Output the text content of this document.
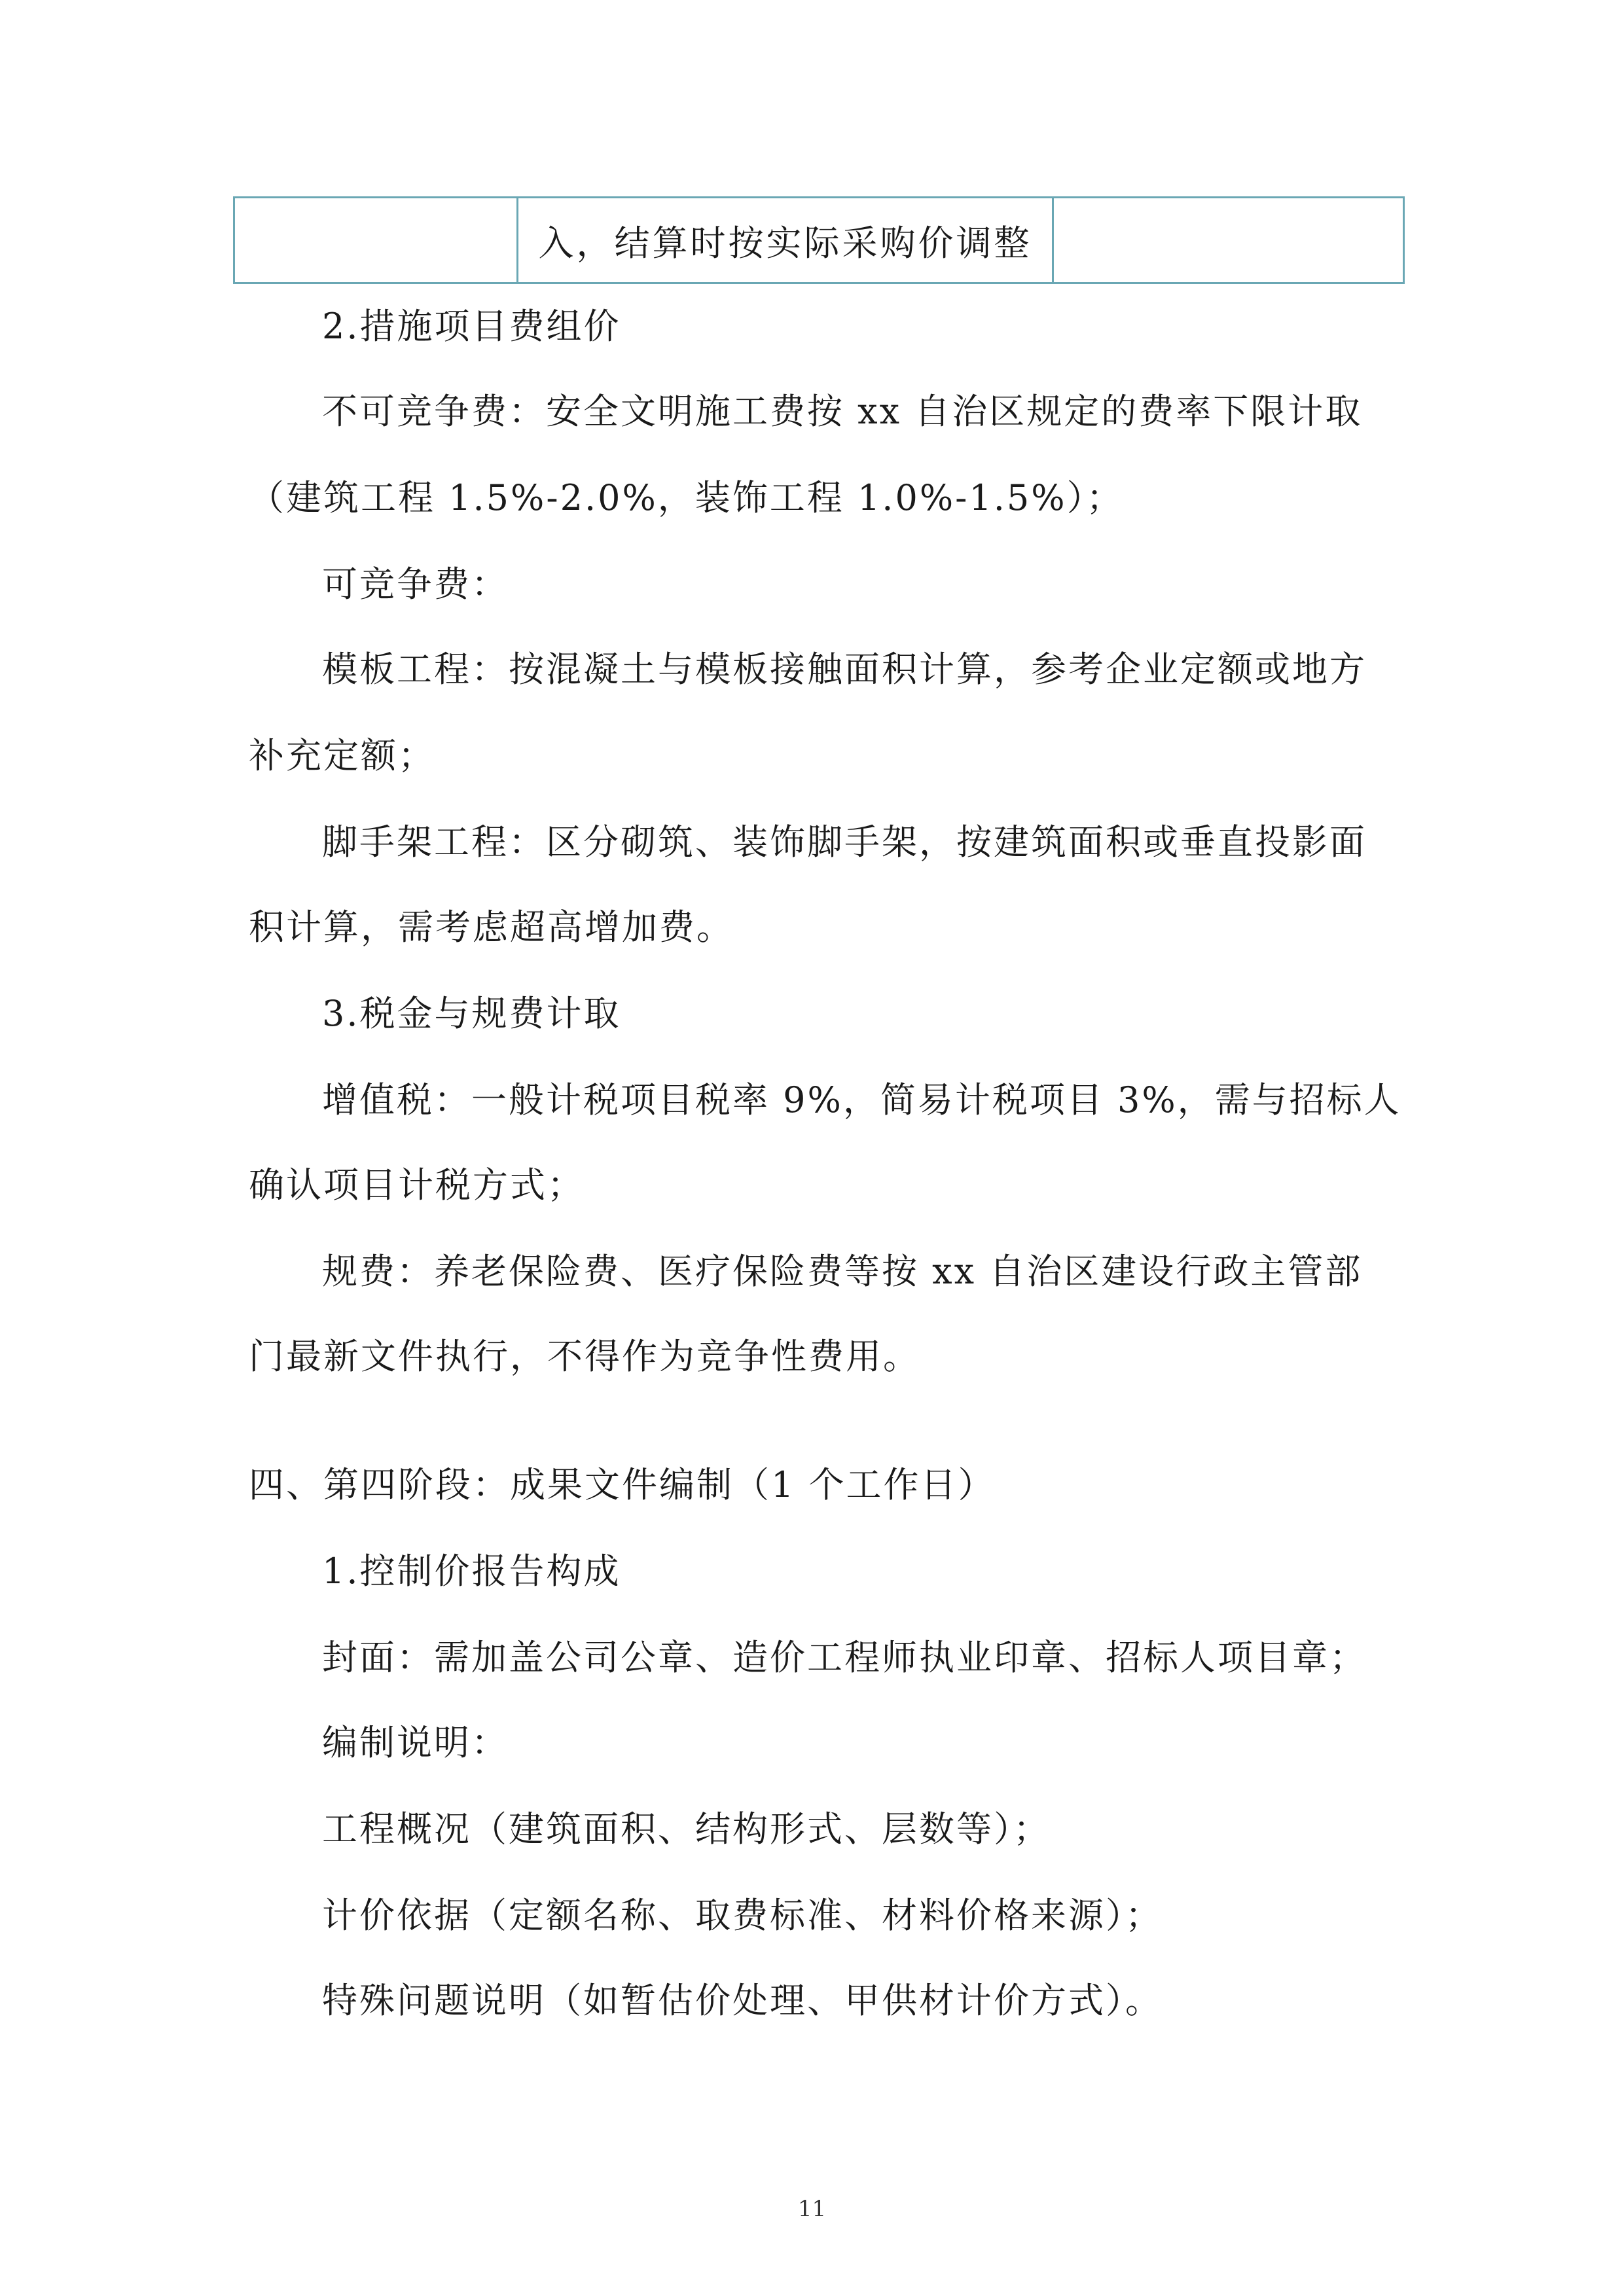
	入，结算时按实际采购价调整	
2.措施项目费组价
不可竞争费：安全文明施工费按 xx 自治区规定的费率下限计取
（建筑工程 1.5%-2.0%，装饰工程 1.0%-1.5%）；
可竞争费：
模板工程：按混凝土与模板接触面积计算，参考企业定额或地方
补充定额；
脚手架工程：区分砌筑、装饰脚手架，按建筑面积或垂直投影面
积计算，需考虑超高增加费。
3.税金与规费计取
增值税：一般计税项目税率 9%，简易计税项目 3%，需与招标人
确认项目计税方式；
规费：养老保险费、医疗保险费等按 xx 自治区建设行政主管部
门最新文件执行，不得作为竞争性费用。
四、第四阶段：成果文件编制（1 个工作日）
1.控制价报告构成
封面：需加盖公司公章、造价工程师执业印章、招标人项目章；
编制说明：
工程概况（建筑面积、结构形式、层数等）；
计价依据（定额名称、取费标准、材料价格来源）；
特殊问题说明（如暂估价处理、甲供材计价方式）。
11
